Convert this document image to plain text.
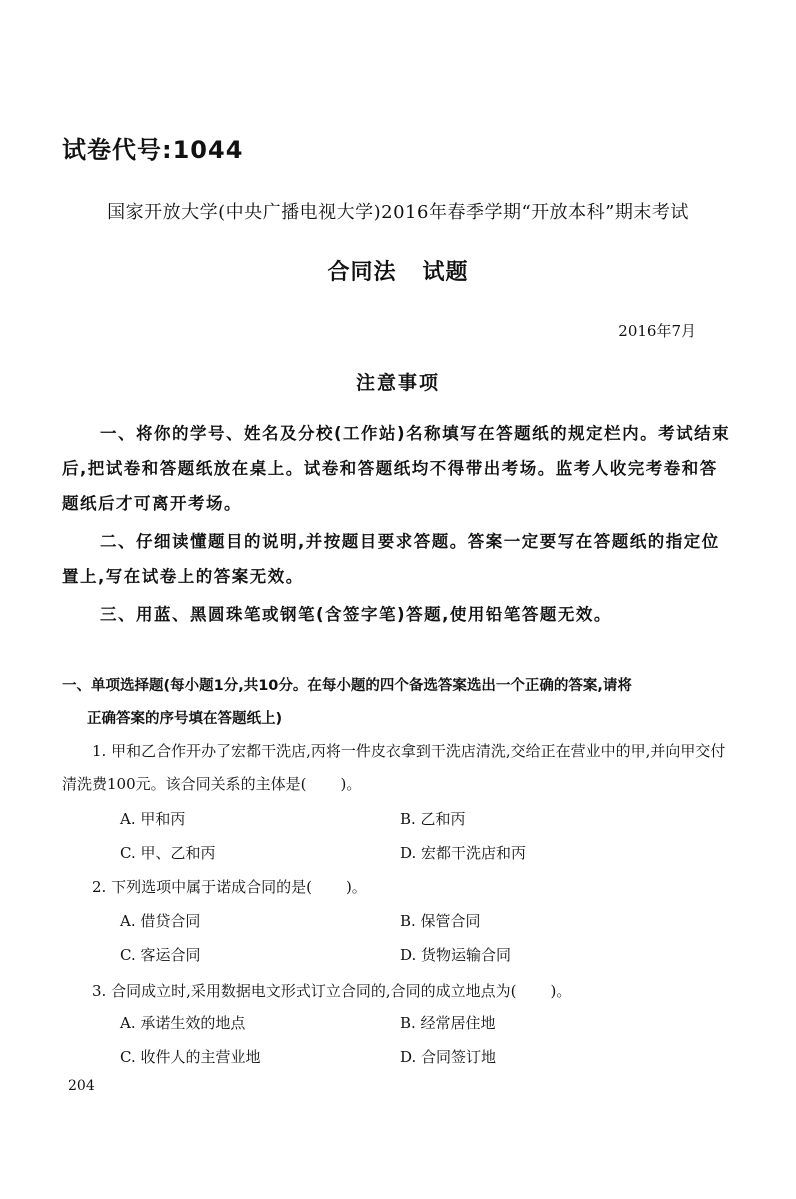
试卷代号:1044
国家开放大学(中央广播电视大学)2016年春季学期“开放本科”期末考试
合同法 试题
2016年7月
注意事项
一、将你的学号、姓名及分校(工作站)名称填写在答题纸的规定栏内。考试结束后,把试卷和答题纸放在桌上。试卷和答题纸均不得带出考场。监考人收完考卷和答题纸后才可离开考场。
二、仔细读懂题目的说明,并按题目要求答题。答案一定要写在答题纸的指定位置上,写在试卷上的答案无效。
三、用蓝、黑圆珠笔或钢笔(含签字笔)答题,使用铅笔答题无效。
一、单项选择题(每小题1分,共10分。在每小题的四个备选答案选出一个正确的答案,请将
正确答案的序号填在答题纸上)

1. 甲和乙合作开办了宏都干洗店,丙将一件皮衣拿到干洗店清洗,交给正在营业中的甲,并向甲交付清洗费100元。该合同关系的主体是( )。

A. 甲和丙	B. 乙和丙
C. 甲、乙和丙	D. 宏都干洗店和丙

2. 下列选项中属于诺成合同的是( )。

A. 借贷合同	B. 保管合同
C. 客运合同	D. 货物运输合同

3. 合同成立时,采用数据电文形式订立合同的,合同的成立地点为( )。

A. 承诺生效的地点	B. 经常居住地
C. 收件人的主营业地	D. 合同签订地
204
